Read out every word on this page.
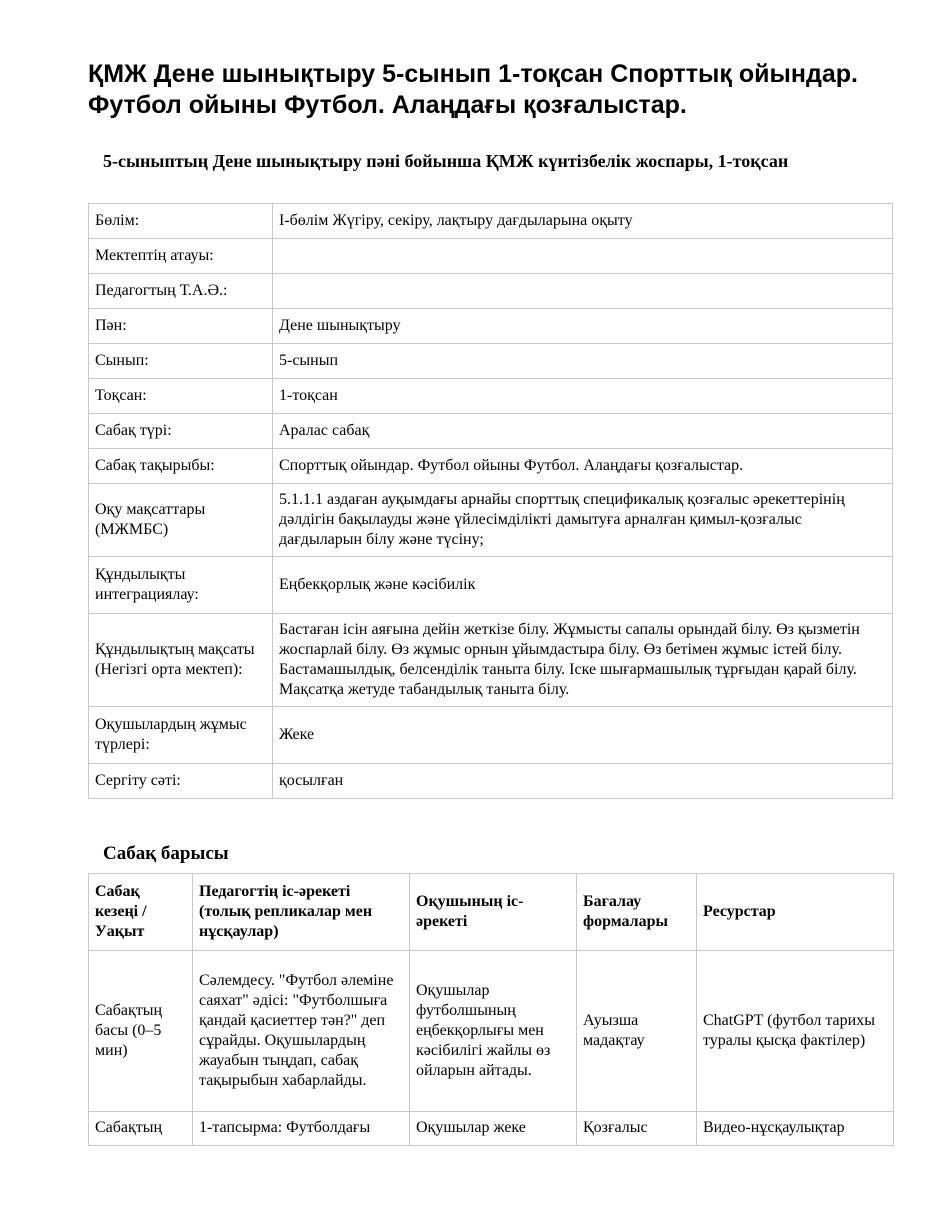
ҚМЖ Дене шынықтыру 5-сынып 1-тоқсан Спорттық ойындар. Футбол ойыны Футбол. Алаңдағы қозғалыстар.
5-сыныптың Дене шынықтыру пәні бойынша ҚМЖ күнтізбелік жоспары, 1-тоқсан
Бөлім:	I-бөлім Жүгіру, секіру, лақтыру дағдыларына оқыту
Мектептің атауы:	
Педагогтың Т.А.Ә.:	
Пән:	Дене шынықтыру
Сынып:	5-сынып
Тоқсан:	1-тоқсан
Сабақ түрі:	Аралас сабақ
Сабақ тақырыбы:	Спорттық ойындар. Футбол ойыны Футбол. Алаңдағы қозғалыстар.
Оқу мақсаттары (МЖМБС)	5.1.1.1 аздаған ауқымдағы арнайы спорттық спецификалық қозғалыс әрекеттерінің дәлдігін бақылауды және үйлесімділікті дамытуға арналған қимыл-қозғалыс дағдыларын білу және түсіну;
Құндылықты интеграциялау:	Еңбекқорлық және кәсібилік
Құндылықтың мақсаты (Негізгі орта мектеп):	Бастаған ісін аяғына дейін жеткізе білу. Жұмысты сапалы орындай білу. Өз қызметін жоспарлай білу. Өз жұмыс орнын ұйымдастыра білу. Өз бетімен жұмыс істей білу. Бастамашылдық, белсенділік таныта білу. Іске шығармашылық тұрғыдан қарай білу. Мақсатқа жетуде табандылық таныта білу.
Оқушылардың жұмыс түрлері:	Жеке
Сергіту сәті:	қосылған
Сабақ барысы
Сабақ кезеңі / Уақыт	Педагогтің іс-әрекеті (толық репликалар мен нұсқаулар)	Оқушының іс-әрекеті	Бағалау формалары	Ресурстар
Сабақтың басы (0–5 мин)	Сәлемдесу. "Футбол әлеміне саяхат" әдісі: "Футболшыға қандай қасиеттер тән?" деп сұрайды. Оқушылардың жауабын тыңдап, сабақ тақырыбын хабарлайды.	Оқушылар футболшының еңбекқорлығы мен кәсібилігі жайлы өз ойларын айтады.	Ауызша мадақтау	ChatGPT (футбол тарихы туралы қысқа фактілер)
Сабақтың	1-тапсырма: Футболдағы	Оқушылар жеке	Қозғалыс	Видео-нұсқаулықтар
